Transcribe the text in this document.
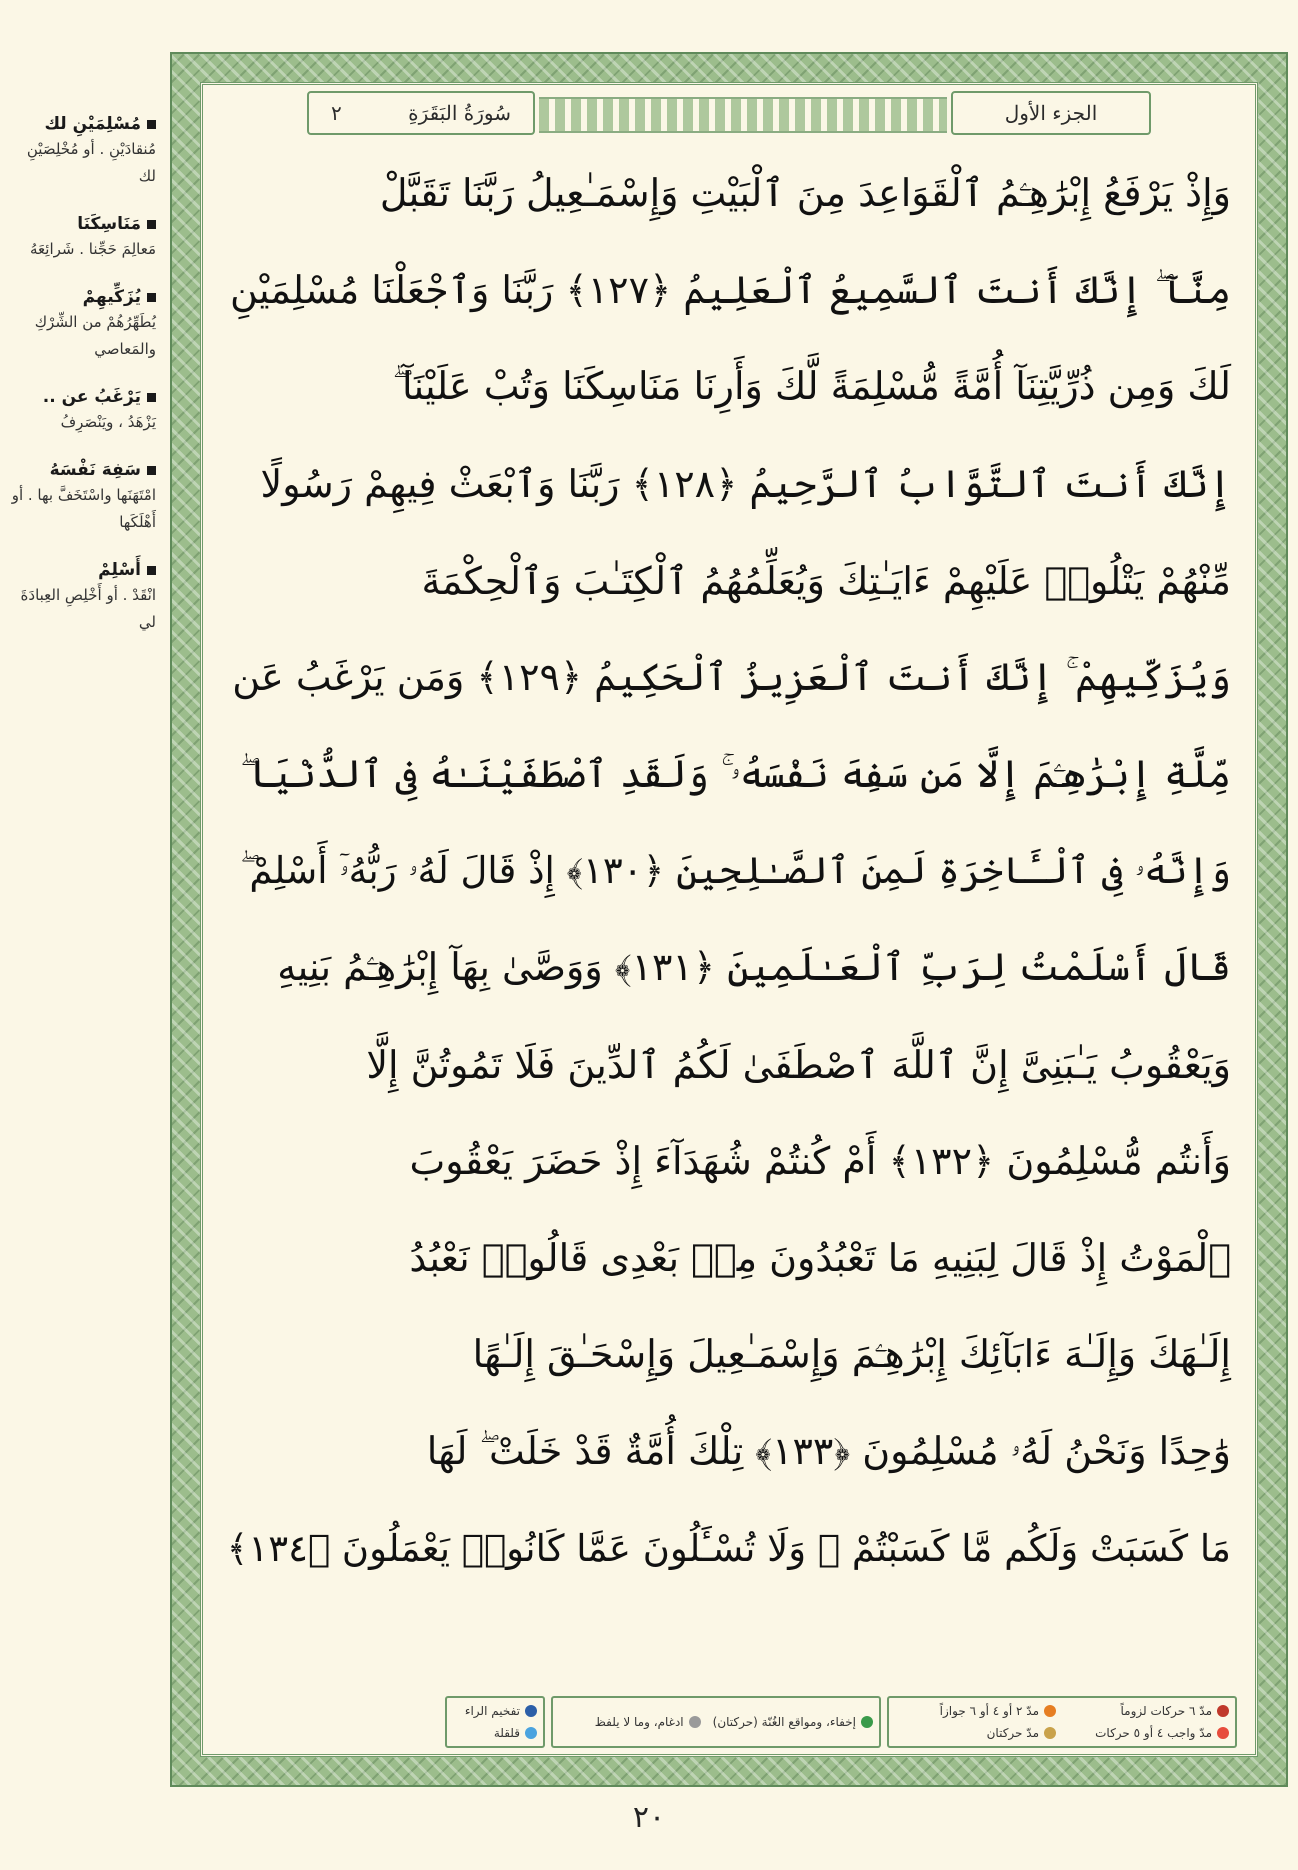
مُسْلِمَيْنِ لك
مُنقادَيْنِ . أو مُخْلِصَيْنِ لك
مَنَاسِكَنَا
مَعالِمَ حَجِّنا . شَرائِعَهُ
يُزَكِّيهِمْ
يُطَهِّرُهُمْ من الشِّرْكِ والمَعاصي
يَرْغَبُ عن ..
يَزْهَدُ ، ويَنْصَرِفُ
سَفِهَ نَفْسَهُ
امْتَهَنَها واسْتَخَفَّ بها . أو أَهْلَكَها
أَسْلِمْ
انْقَدْ . أو أَخْلِصِ العِبادَةَ لي
٢	سُورَةُ البَقَرَةِ	الجزء الأول
وَإِذْ يَرْفَعُ إِبْرَٰهِـۧمُ ٱلْقَوَاعِدَ مِنَ ٱلْبَيْتِ وَإِسْمَـٰعِيلُ رَبَّنَا تَقَبَّلْ
مِنَّآ ۖ إِنَّكَ أَنتَ ٱلسَّمِيعُ ٱلْعَلِيمُ ﴿١٢٧﴾ رَبَّنَا وَٱجْعَلْنَا مُسْلِمَيْنِ
لَكَ وَمِن ذُرِّيَّتِنَآ أُمَّةً مُّسْلِمَةً لَّكَ وَأَرِنَا مَنَاسِكَنَا وَتُبْ عَلَيْنَآ ۖ
إِنَّكَ أَنتَ ٱلتَّوَّابُ ٱلرَّحِيمُ ﴿١٢٨﴾ رَبَّنَا وَٱبْعَثْ فِيهِمْ رَسُولًا
مِّنْهُمْ يَتْلُوا۟ عَلَيْهِمْ ءَايَـٰتِكَ وَيُعَلِّمُهُمُ ٱلْكِتَـٰبَ وَٱلْحِكْمَةَ
وَيُزَكِّيهِمْ ۚ إِنَّكَ أَنتَ ٱلْعَزِيزُ ٱلْحَكِيمُ ﴿١٢٩﴾ وَمَن يَرْغَبُ عَن
مِّلَّةِ إِبْرَٰهِـۧمَ إِلَّا مَن سَفِهَ نَفْسَهُۥ ۚ وَلَقَدِ ٱصْطَفَيْنَـٰهُ فِى ٱلدُّنْيَا ۖ
وَإِنَّهُۥ فِى ٱلْـَٔاخِرَةِ لَمِنَ ٱلصَّـٰلِحِينَ ﴿١٣٠﴾ إِذْ قَالَ لَهُۥ رَبُّهُۥٓ أَسْلِمْ ۖ
قَالَ أَسْلَمْتُ لِرَبِّ ٱلْعَـٰلَمِينَ ﴿١٣١﴾ وَوَصَّىٰ بِهَآ إِبْرَٰهِـۧمُ بَنِيهِ
وَيَعْقُوبُ يَـٰبَنِىَّ إِنَّ ٱللَّهَ ٱصْطَفَىٰ لَكُمُ ٱلدِّينَ فَلَا تَمُوتُنَّ إِلَّا
وَأَنتُم مُّسْلِمُونَ ﴿١٣٢﴾ أَمْ كُنتُمْ شُهَدَآءَ إِذْ حَضَرَ يَعْقُوبَ
ٱلْمَوْتُ إِذْ قَالَ لِبَنِيهِ مَا تَعْبُدُونَ مِنۢ بَعْدِى قَالُوا۟ نَعْبُدُ
إِلَـٰهَكَ وَإِلَـٰهَ ءَابَآئِكَ إِبْرَٰهِـۧمَ وَإِسْمَـٰعِيلَ وَإِسْحَـٰقَ إِلَـٰهًا
وَٰحِدًا وَنَحْنُ لَهُۥ مُسْلِمُونَ ﴿١٣٣﴾ تِلْكَ أُمَّةٌ قَدْ خَلَتْ ۖ لَهَا
مَا كَسَبَتْ وَلَكُم مَّا كَسَبْتُمْ ۖ وَلَا تُسْـَٔلُونَ عَمَّا كَانُوا۟ يَعْمَلُونَ ﴿١٣٤﴾
مدّ ٦ حركات لزوماً
مدّ ٢ أو ٤ أو ٦ جوازاً
مدّ واجب ٤ أو ٥ حركات
مدّ حركتان
إخفاء، ومواقع الغُنّة (حركتان)
ادغام، وما لا يلفظ
تفخيم الراء
قلقلة
٢٠
